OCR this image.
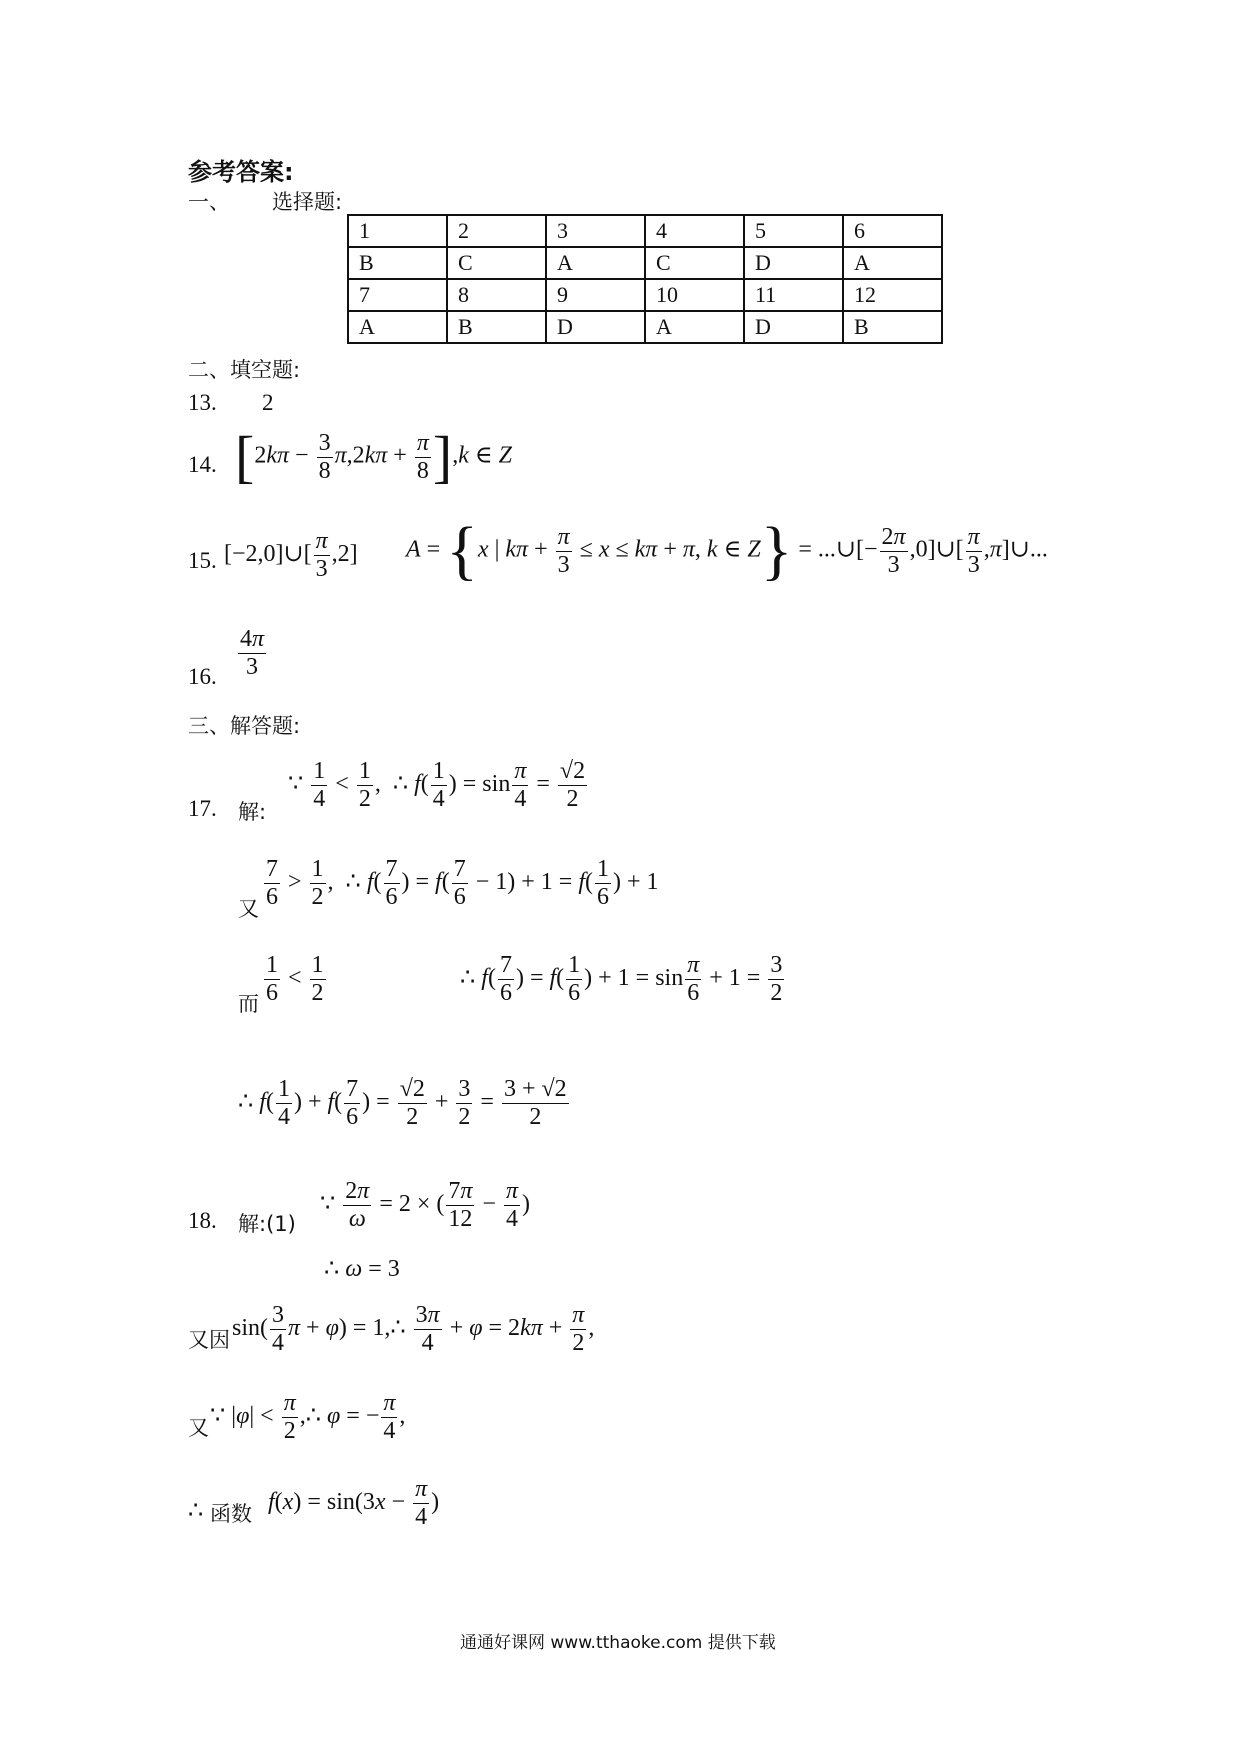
参考答案:
一、 选择题:
1	2	3	4	5	6
B	C	A	C	D	A
7	8	9	10	11	12
A	B	D	A	D	B
二、填空题:
13. 2
14. $[2k\pi - \frac{3}{8} \pi,2k\pi + \frac{\pi}{8} ],k$ ∈ Z
15. [−2,0]∪[ $\frac{\pi}{3} ,2$] A = {x | $k\pi + \frac{\pi}{3} \le x \le k\pi + \pi$, k ∈ Z} = ...∪[− $\frac{2\pi}{3}$ ,0]∪[ $\frac{\pi}{3}$ ,π]∪...
16. $\frac{4\pi}{3}$
三、解答题:
17. 解:
∵ $\frac{1}{4} < \frac{1}{2}$ ,  ∴ $f( \frac{1}{4}$ ) = $\sin \frac{\pi}{4} = \frac{√2}{2}$
又 $\frac{7}{6} > \frac{1}{2}$ ,  ∴ $f( \frac{7}{6}$ ) = $f( \frac{7}{6} - 1) + 1 = f( \frac{1}{6}$ ) + 1
而 $\frac{1}{6} < \frac{1}{2}$	∴ $f( \frac{7}{6}$ ) = $f( \frac{1}{6}$ ) + $1 = \sin \frac{\pi}{6} + 1 = \frac{3}{2}$
∴ $f( \frac{1}{4}$ ) + $f( \frac{7}{6}$ ) = $\frac{√2}{2} + \frac{3}{2} = \frac{3 + √2}{2}$
18. 解:(1)
∵ $\frac{2\pi}{\omega} = 2$ × ( $\frac{7\pi}{12} - \frac{\pi}{4}$ )
∴ ω = 3
又因 $\sin( \frac{3}{4}$ π + φ) = 1,∴ $\frac{3\pi}{4} + \varphi = 2k\pi + \frac{\pi}{2}$ ,
又 ∵ $|\varphi| < \frac{\pi}{2}$ ,∴ φ = − $\frac{\pi}{4}$ ,
∴ 函数 $f(x) = \sin(3x - \frac{\pi}{4}$ )
通通好课网 www.tthaoke.com 提供下载
